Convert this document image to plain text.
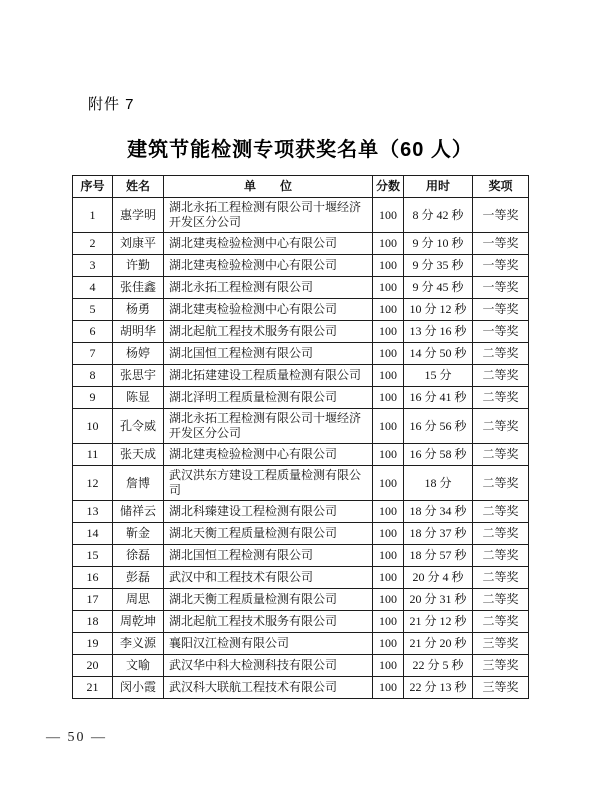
附件 7
建筑节能检测专项获奖名单（60 人）
序号	姓名	单　　位	分数	用时	奖项
1	惠学明	湖北永拓工程检测有限公司十堰经济开发区分公司	100	8 分 42 秒	一等奖
2	刘康平	湖北建夷检验检测中心有限公司	100	9 分 10 秒	一等奖
3	许勤	湖北建夷检验检测中心有限公司	100	9 分 35 秒	一等奖
4	张佳鑫	湖北永拓工程检测有限公司	100	9 分 45 秒	一等奖
5	杨勇	湖北建夷检验检测中心有限公司	100	10 分 12 秒	一等奖
6	胡明华	湖北起航工程技术服务有限公司	100	13 分 16 秒	一等奖
7	杨婷	湖北国恒工程检测有限公司	100	14 分 50 秒	二等奖
8	张思宇	湖北拓建建设工程质量检测有限公司	100	15 分	二等奖
9	陈显	湖北泽明工程质量检测有限公司	100	16 分 41 秒	二等奖
10	孔令威	湖北永拓工程检测有限公司十堰经济开发区分公司	100	16 分 56 秒	二等奖
11	张天成	湖北建夷检验检测中心有限公司	100	16 分 58 秒	二等奖
12	詹博	武汉洪东方建设工程质量检测有限公司	100	18 分	二等奖
13	储祥云	湖北科臻建设工程检测有限公司	100	18 分 34 秒	二等奖
14	靳金	湖北天衡工程质量检测有限公司	100	18 分 37 秒	二等奖
15	徐磊	湖北国恒工程检测有限公司	100	18 分 57 秒	二等奖
16	彭磊	武汉中和工程技术有限公司	100	20 分 4 秒	二等奖
17	周思	湖北天衡工程质量检测有限公司	100	20 分 31 秒	二等奖
18	周乾坤	湖北起航工程技术服务有限公司	100	21 分 12 秒	二等奖
19	李义源	襄阳汉江检测有限公司	100	21 分 20 秒	三等奖
20	文喻	武汉华中科大检测科技有限公司	100	22 分 5 秒	三等奖
21	闵小霞	武汉科大联航工程技术有限公司	100	22 分 13 秒	三等奖
— 50 —
